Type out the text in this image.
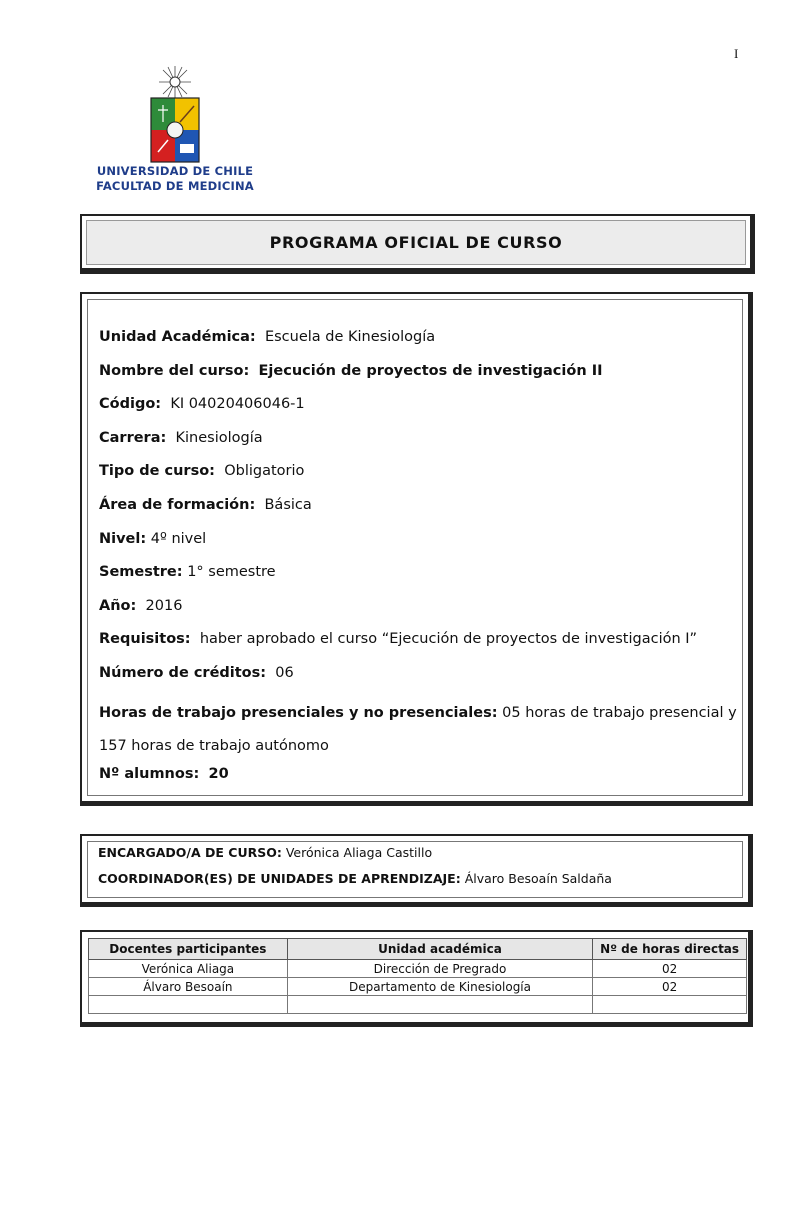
I
UNIVERSIDAD DE CHILE
FACULTAD DE MEDICINA
PROGRAMA OFICIAL DE CURSO
Unidad Académica: Escuela de Kinesiología
Nombre del curso: Ejecución de proyectos de investigación II
Código: KI 04020406046-1
Carrera: Kinesiología
Tipo de curso: Obligatorio
Área de formación: Básica
Nivel: 4º nivel
Semestre: 1° semestre
Año: 2016
Requisitos: haber aprobado el curso “Ejecución de proyectos de investigación I”
Número de créditos: 06
Horas de trabajo presenciales y no presenciales: 05 horas de trabajo presencial y 157 horas de trabajo autónomo
Nº alumnos: 20
ENCARGADO/A DE CURSO: Verónica Aliaga Castillo
COORDINADOR(ES) DE UNIDADES DE APRENDIZAJE: Álvaro Besoaín Saldaña
Docentes participantes	Unidad académica	Nº de horas directas
Verónica Aliaga	Dirección de Pregrado	02
Álvaro Besoaín	Departamento de Kinesiología	02
